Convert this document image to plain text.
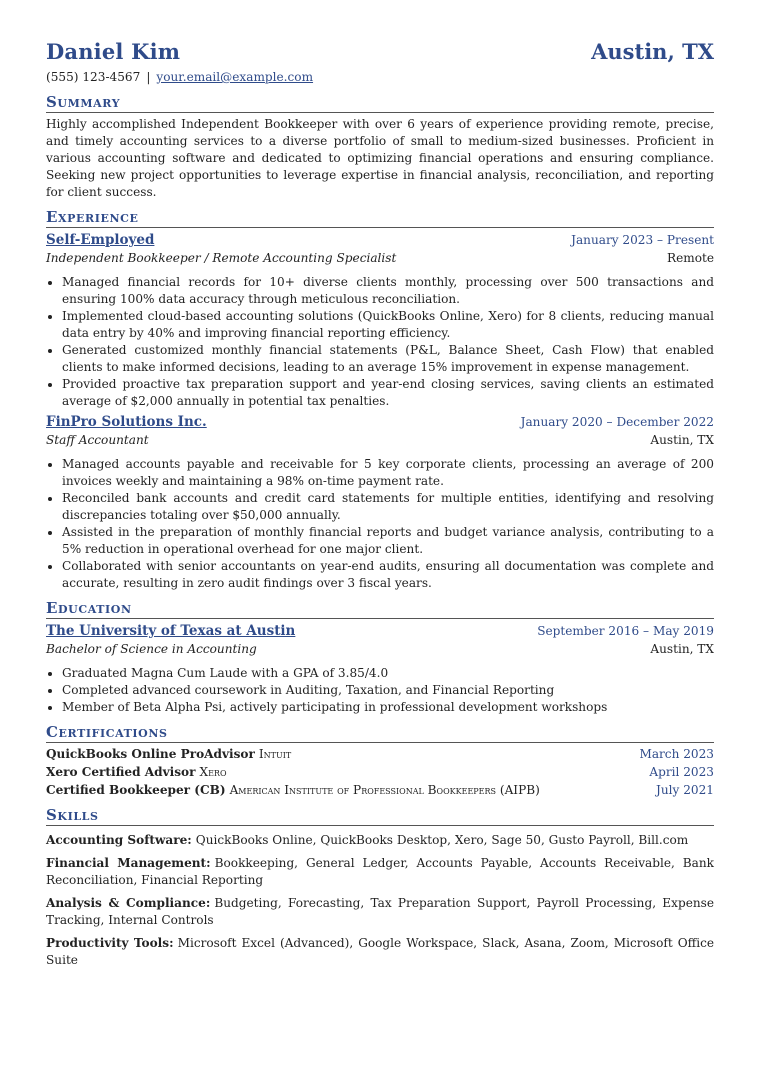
Daniel Kim	Austin, TX
(555) 123-4567 | your.email@example.com
Summary
Highly accomplished Independent Bookkeeper with over 6 years of experience providing remote, precise, and timely accounting services to a diverse portfolio of small to medium-sized businesses. Proficient in various accounting software and dedicated to optimizing financial operations and ensuring compliance. Seeking new project opportunities to leverage expertise in financial analysis, reconciliation, and reporting for client success.
Experience
Self-Employed	January 2023 – Present
Independent Bookkeeper / Remote Accounting Specialist	Remote
• Managed financial records for 10+ diverse clients monthly, processing over 500 transactions and ensuring 100% data accuracy through meticulous reconciliation.
• Implemented cloud-based accounting solutions (QuickBooks Online, Xero) for 8 clients, reducing manual data entry by 40% and improving financial reporting efficiency.
• Generated customized monthly financial statements (P&L, Balance Sheet, Cash Flow) that enabled clients to make informed decisions, leading to an average 15% improvement in expense management.
• Provided proactive tax preparation support and year-end closing services, saving clients an estimated average of $2,000 annually in potential tax penalties.
FinPro Solutions Inc.	January 2020 – December 2022
Staff Accountant	Austin, TX
• Managed accounts payable and receivable for 5 key corporate clients, processing an average of 200 invoices weekly and maintaining a 98% on-time payment rate.
• Reconciled bank accounts and credit card statements for multiple entities, identifying and resolving discrepancies totaling over $50,000 annually.
• Assisted in the preparation of monthly financial reports and budget variance analysis, contributing to a 5% reduction in operational overhead for one major client.
• Collaborated with senior accountants on year-end audits, ensuring all documentation was complete and accurate, resulting in zero audit findings over 3 fiscal years.
Education
The University of Texas at Austin	September 2016 – May 2019
Bachelor of Science in Accounting	Austin, TX
• Graduated Magna Cum Laude with a GPA of 3.85/4.0
• Completed advanced coursework in Auditing, Taxation, and Financial Reporting
• Member of Beta Alpha Psi, actively participating in professional development workshops
Certifications
QuickBooks Online ProAdvisor Intuit	March 2023
Xero Certified Advisor Xero	April 2023
Certified Bookkeeper (CB) American Institute of Professional Bookkeepers (AIPB)	July 2021
Skills
Accounting Software: QuickBooks Online, QuickBooks Desktop, Xero, Sage 50, Gusto Payroll, Bill.com
Financial Management: Bookkeeping, General Ledger, Accounts Payable, Accounts Receivable, Bank Reconciliation, Financial Reporting
Analysis & Compliance: Budgeting, Forecasting, Tax Preparation Support, Payroll Processing, Expense Tracking, Internal Controls
Productivity Tools: Microsoft Excel (Advanced), Google Workspace, Slack, Asana, Zoom, Microsoft Office Suite
